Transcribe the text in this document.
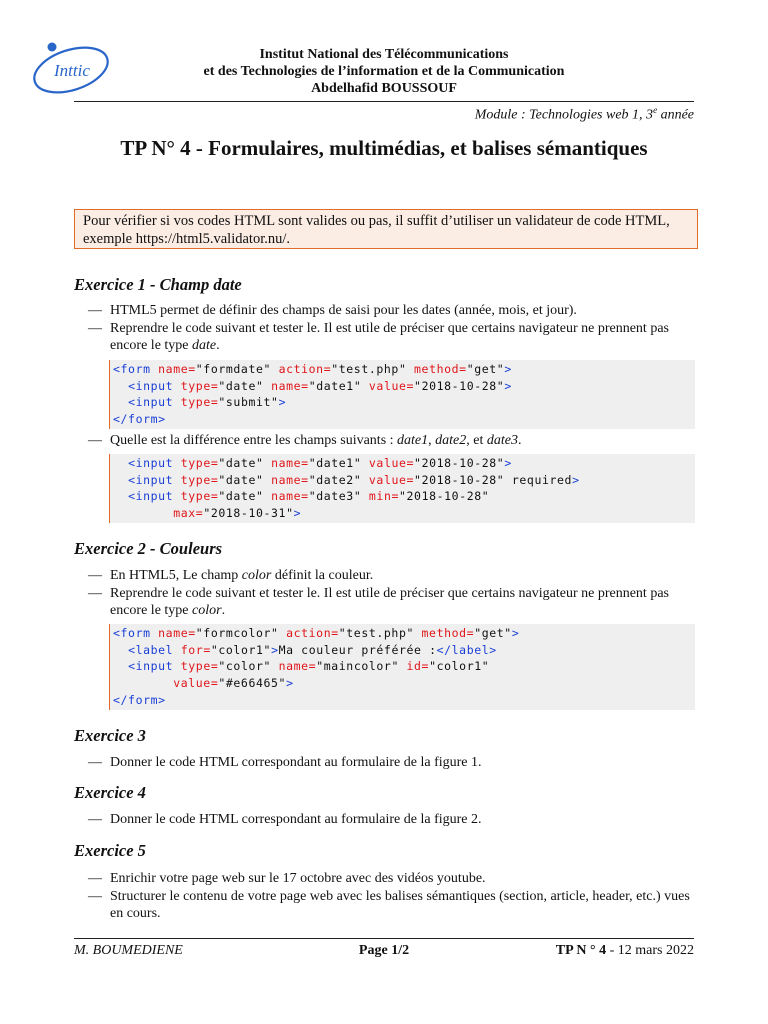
Inttic
Institut National des Télécommunications
et des Technologies de l’information et de la Communication
Abdelhafid BOUSSOUF
Module : Technologies web 1, 3e année
TP N° 4 - Formulaires, multimédias, et balises sémantiques
Pour vérifier si vos codes HTML sont valides ou pas, il suffit d’utiliser un validateur de code HTML, exemple https://html5.validator.nu/.
Exercice 1 - Champ date
— HTML5 permet de définir des champs de saisi pour les dates (année, mois, et jour).
— Reprendre le code suivant et tester le. Il est utile de préciser que certains navigateur ne prennent pas encore le type date.
<form name="formdate" action="test.php" method="get">
<input type="date" name="date1" value="2018-10-28">
<input type="submit">
</form>
— Quelle est la différence entre les champs suivants : date1, date2, et date3.
<input type="date" name="date1" value="2018-10-28">
<input type="date" name="date2" value="2018-10-28" required>
<input type="date" name="date3" min="2018-10-28"
max="2018-10-31">
Exercice 2 - Couleurs
— En HTML5, Le champ color définit la couleur.
— Reprendre le code suivant et tester le. Il est utile de préciser que certains navigateur ne prennent pas encore le type color.
<form name="formcolor" action="test.php" method="get">
<label for="color1">Ma couleur préférée :</label>
<input type="color" name="maincolor" id="color1"
value="#e66465">
</form>
Exercice 3
— Donner le code HTML correspondant au formulaire de la figure 1.
Exercice 4
— Donner le code HTML correspondant au formulaire de la figure 2.
Exercice 5
— Enrichir votre page web sur le 17 octobre avec des vidéos youtube.
— Structurer le contenu de votre page web avec les balises sémantiques (section, article, header, etc.) vues en cours.
M. BOUMEDIENE	Page 1/2	TP N ° 4 - 12 mars 2022
